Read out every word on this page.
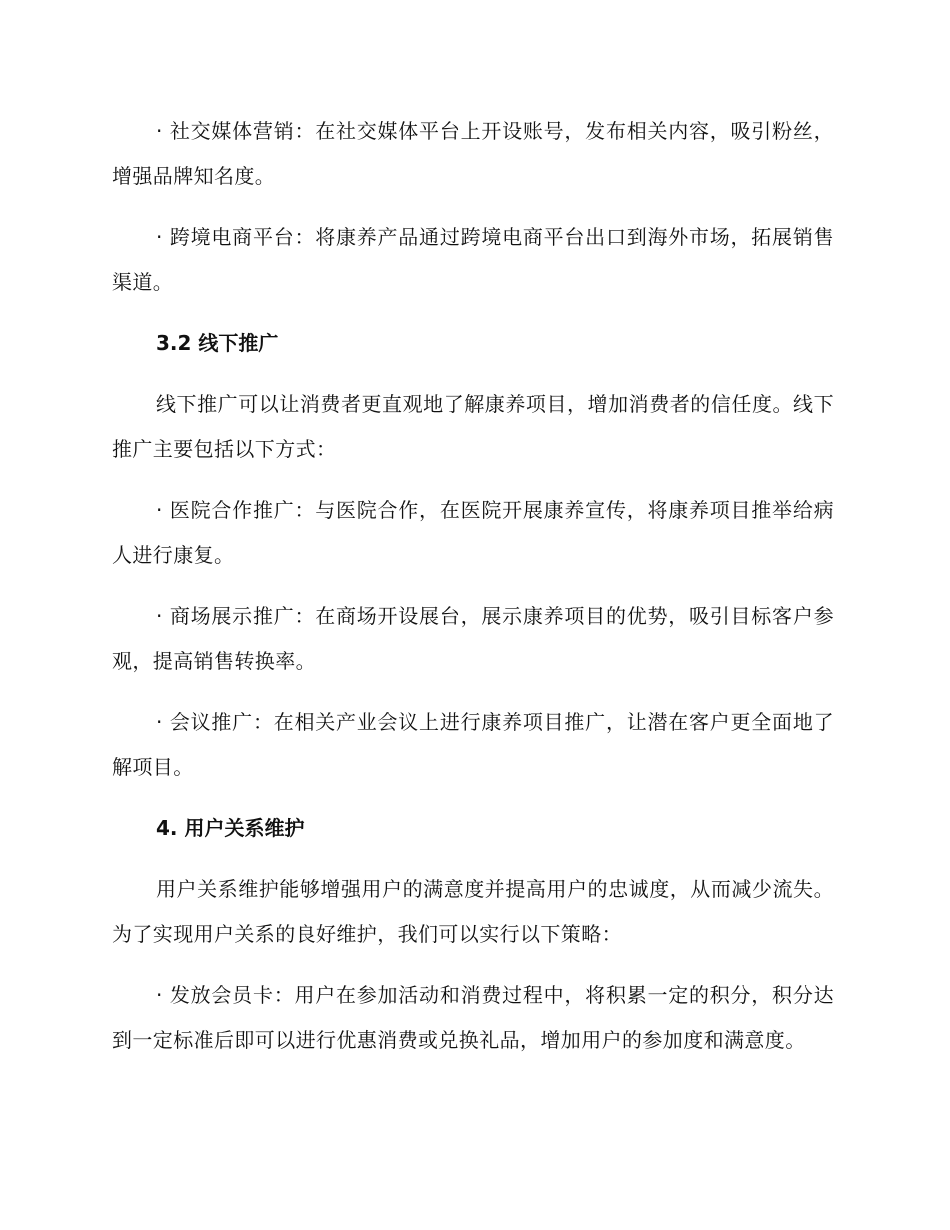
· 社交媒体营销：在社交媒体平台上开设账号，发布相关内容，吸引粉丝，增强品牌知名度。

· 跨境电商平台：将康养产品通过跨境电商平台出口到海外市场，拓展销售渠道。

3.2 线下推广

线下推广可以让消费者更直观地了解康养项目，增加消费者的信任度。线下推广主要包括以下方式：

· 医院合作推广：与医院合作，在医院开展康养宣传，将康养项目推举给病人进行康复。

· 商场展示推广：在商场开设展台，展示康养项目的优势，吸引目标客户参观，提高销售转换率。

· 会议推广：在相关产业会议上进行康养项目推广，让潜在客户更全面地了解项目。

4. 用户关系维护

用户关系维护能够增强用户的满意度并提高用户的忠诚度，从而减少流失。为了实现用户关系的良好维护，我们可以实行以下策略：

· 发放会员卡：用户在参加活动和消费过程中，将积累一定的积分，积分达到一定标准后即可以进行优惠消费或兑换礼品，增加用户的参加度和满意度。
